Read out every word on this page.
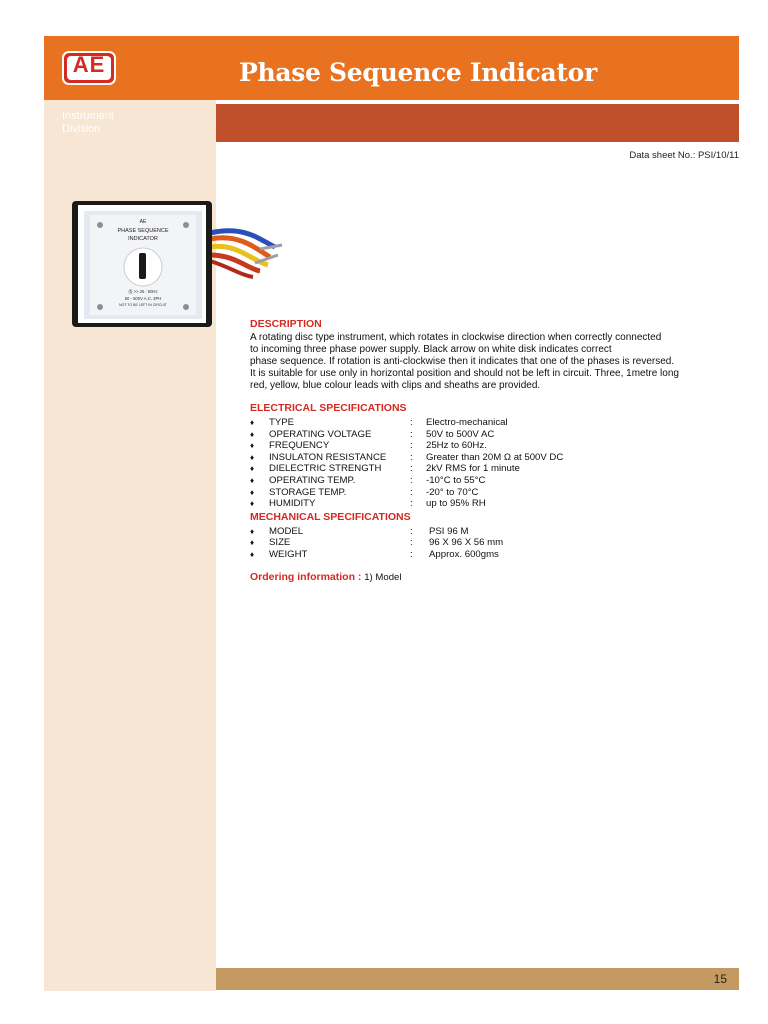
AE	Phase Sequence Indicator
Instrument
Division
Data sheet No.: PSI/10/11
AE
PHASE SEQUENCE
INDICATOR
(f) >> 25 : 60Hz
50 - 500V A.C. 3PH
NOT TO BE LEFT IN CIRCUIT
DESCRIPTION
A rotating disc type instrument, which rotates in clockwise direction when correctly connected
to incoming three phase power supply. Black arrow on white disk indicates correct
phase sequence. If rotation is anti-clockwise then it indicates that one of the phases is reversed.
It is suitable for use only in horizontal position and should not be left in circuit. Three, 1metre long
red, yellow, blue colour leads with clips and sheaths are provided.
ELECTRICAL SPECIFICATIONS
♦ TYPE	: Electro-mechanical
♦ OPERATING VOLTAGE	: 50V to 500V AC
♦ FREQUENCY	: 25Hz to 60Hz.
♦ INSULATON RESISTANCE : Greater than 20M Ω at 500V DC
♦ DIELECTRIC STRENGTH	: 2kV RMS for 1 minute
♦ OPERATING TEMP.	: -10°C to 55°C
♦ STORAGE TEMP.	: -20° to 70°C
♦ HUMIDITY	: up to 95% RH
MECHANICAL SPECIFICATIONS
♦ MODEL	: PSI 96 M
♦ SIZE	: 96 X 96 X 56 mm
♦ WEIGHT	: Approx. 600gms
Ordering information : 1) Model
15
